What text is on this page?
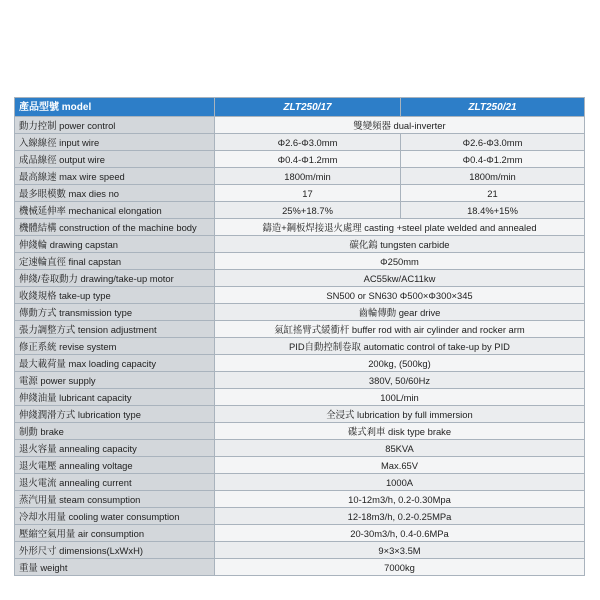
產品型號 model	ZLT250/17	ZLT250/21
動力控制 power control	雙變頻器 dual-inverter	
入線線徑 input wire	Φ2.6-Φ3.0mm	Φ2.6-Φ3.0mm
成品線徑 output wire	Φ0.4-Φ1.2mm	Φ0.4-Φ1.2mm
最高線速 max wire speed	1800m/min	1800m/min
最多眼模數 max dies no	17	21
機械延伸率 mechanical elongation	25%+18.7%	18.4%+15%
機體結構 construction of the machine body	鑄造+鋼板焊接退火處理 casting +steel plate welded and annealed	
伸綫輪 drawing capstan	碳化鎢 tungsten carbide	
定速輪直徑 final capstan	Φ250mm	
伸綫/卷取動力 drawing/take-up motor	AC55kw/AC11kw	
收綫規格 take-up type	SN500 or SN630 Φ500×Φ300×345	
傳動方式 transmission type	齒輪傳動 gear drive	
張力調整方式 tension adjustment	氣缸搖臂式緩衝杆 buffer rod with air cylinder and rocker arm	
修正系統 revise system	PID自動控制卷取 automatic control of take-up by PID	
最大載荷量 max loading capacity	200kg, (500kg)	
電源 power supply	380V, 50/60Hz	
伸綫油量 lubricant capacity	100L/min	
伸綫潤滑方式 lubrication type	全浸式 lubrication by full immersion	
制動 brake	碟式剎車 disk type brake	
退火容量 annealing capacity	85KVA	
退火電壓 annealing voltage	Max.65V	
退火電流 annealing current	1000A	
蒸汽用量 steam consumption	10-12m3/h, 0.2-0.30Mpa	
冷却水用量 cooling water consumption	12-18m3/h, 0.2-0.25MPa	
壓縮空氣用量 air consumption	20-30m3/h, 0.4-0.6MPa	
外形尺寸 dimensions(LxWxH)	9×3×3.5M	
重量 weight	7000kg	
